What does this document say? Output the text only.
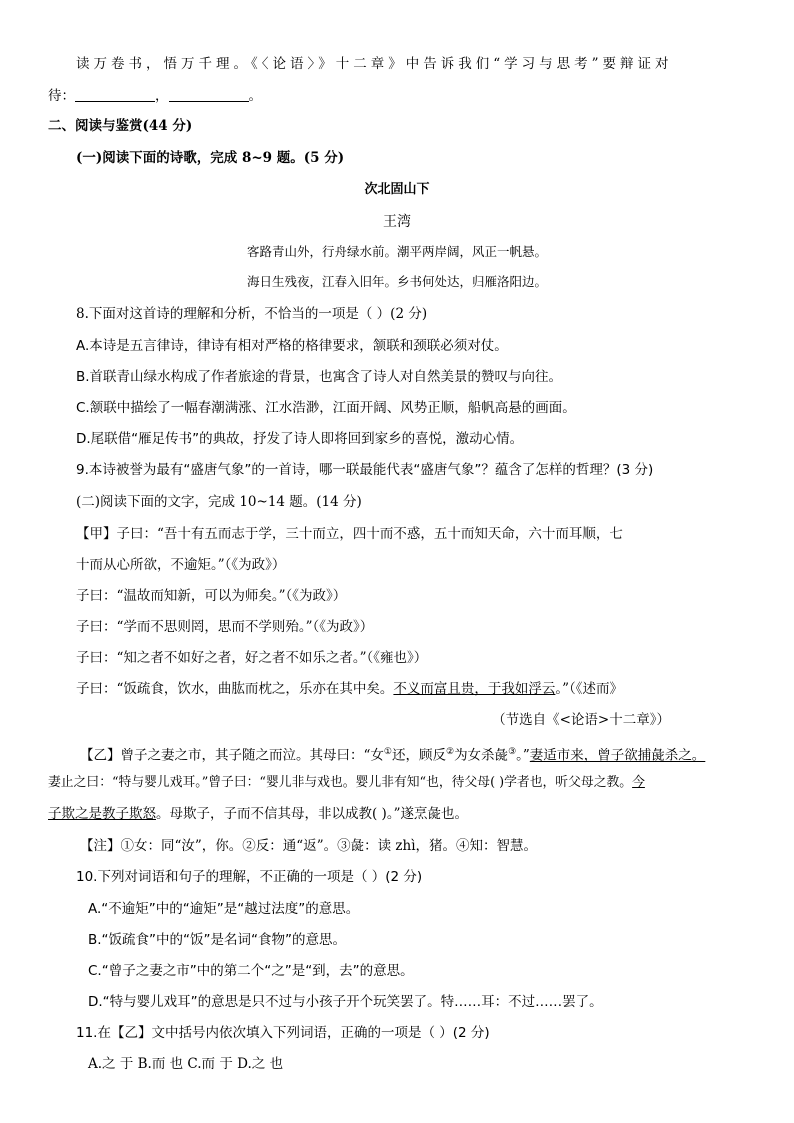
读万卷书，悟万千理。《〈论语〉》十二章》中告诉我们“学习与思考”要辩证对
待：	，	。
二、阅读与鉴赏(44 分)
(一)阅读下面的诗歌，完成 8~9 题。(5 分)
次北固山下
王湾
客路青山外，行舟绿水前。潮平两岸阔，风正一帆悬。
海日生残夜，江春入旧年。乡书何处达，归雁洛阳边。
8.下面对这首诗的理解和分析，不恰当的一项是（ ）(2 分)
A.本诗是五言律诗，律诗有相对严格的格律要求，颔联和颈联必须对仗。
B.首联青山绿水构成了作者旅途的背景，也寓含了诗人对自然美景的赞叹与向往。
C.颔联中描绘了一幅春潮满涨、江水浩渺，江面开阔、风势正顺，船帆高悬的画面。
D.尾联借“雁足传书”的典故，抒发了诗人即将回到家乡的喜悦，激动心情。
9.本诗被誉为最有“盛唐气象”的一首诗，哪一联最能代表“盛唐气象”？蕴含了怎样的哲理？(3 分)
(二)阅读下面的文字，完成 10~14 题。(14 分)
【甲】子曰：“吾十有五而志于学，三十而立，四十而不惑，五十而知天命，六十而耳顺，七
十而从心所欲，不逾矩。”（《为政》）
子曰：“温故而知新，可以为师矣。”（《为政》）
子曰：“学而不思则罔，思而不学则殆。”（《为政》）
子曰：“知之者不如好之者，好之者不如乐之者。”（《雍也》）
子曰：“饭疏食，饮水，曲肱而枕之，乐亦在其中矣。不义而富且贵，于我如浮云。”（《述而》
（节选自《<论语>十二章》）
【乙】曾子之妻之市，其子随之而泣。其母曰：“女①还，顾反②为女杀彘③。”妻适市来，曾子欲捕彘杀之。
妻止之曰：“特与婴儿戏耳。”曾子曰：“婴儿非与戏也。婴儿非有知“也，待父母( )学者也，听父母之教。今
子欺之是教子欺怒。母欺子，子而不信其母，非以成教( )。”遂烹彘也。
【注】①女：同“汝”，你。②反：通“返”。③彘：读 zhì，猪。④知：智慧。
10.下列对词语和句子的理解，不正确的一项是（ ）(2 分)
A.“不逾矩”中的“逾矩”是“越过法度”的意思。
B.“饭疏食”中的“饭”是名词“食物”的意思。
C.“曾子之妻之市”中的第二个“之”是“到，去”的意思。
D.“特与婴儿戏耳”的意思是只不过与小孩子开个玩笑罢了。特……耳：不过……罢了。
11.在【乙】文中括号内依次填入下列词语，正确的一项是（ ）(2 分)
A.之 于 B.而 也 C.而 于 D.之 也
